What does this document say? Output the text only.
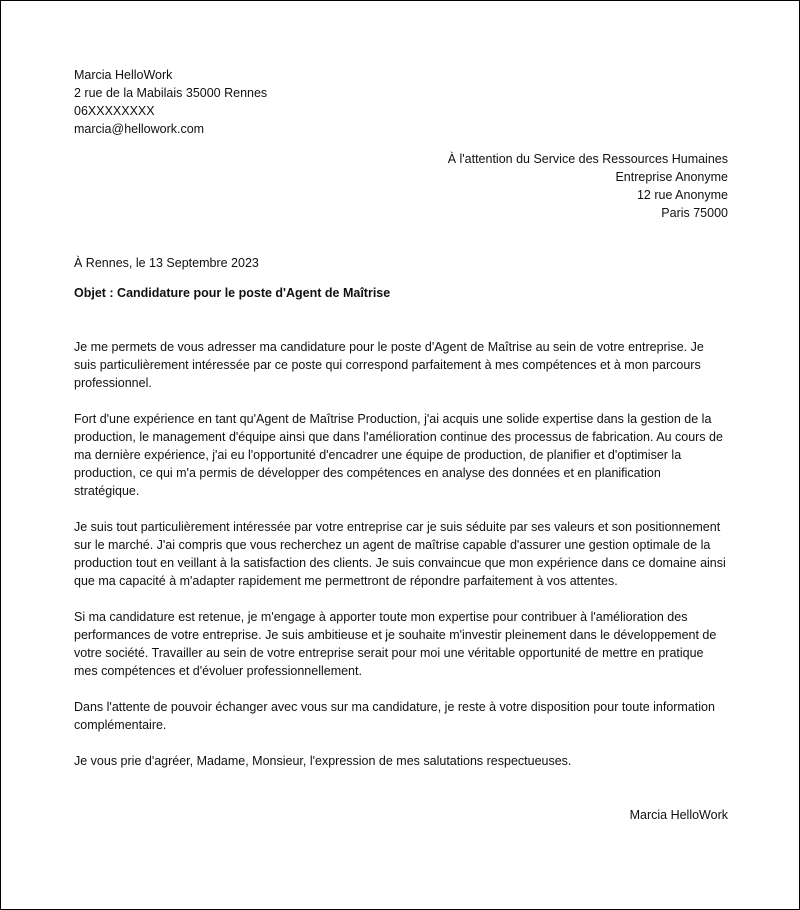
Marcia HelloWork
2 rue de la Mabilais 35000 Rennes
06XXXXXXXX
marcia@hellowork.com
À l'attention du Service des Ressources Humaines
Entreprise Anonyme
12 rue Anonyme
Paris 75000
À Rennes, le 13 Septembre 2023
Objet : Candidature pour le poste d'Agent de Maîtrise

Je me permets de vous adresser ma candidature pour le poste d'Agent de Maîtrise au sein de votre entreprise. Je suis particulièrement intéressée par ce poste qui correspond parfaitement à mes compétences et à mon parcours professionnel.

Fort d'une expérience en tant qu'Agent de Maîtrise Production, j'ai acquis une solide expertise dans la gestion de la production, le management d'équipe ainsi que dans l'amélioration continue des processus de fabrication. Au cours de ma dernière expérience, j'ai eu l'opportunité d'encadrer une équipe de production, de planifier et d'optimiser la production, ce qui m'a permis de développer des compétences en analyse des données et en planification stratégique.

Je suis tout particulièrement intéressée par votre entreprise car je suis séduite par ses valeurs et son positionnement sur le marché. J'ai compris que vous recherchez un agent de maîtrise capable d'assurer une gestion optimale de la production tout en veillant à la satisfaction des clients. Je suis convaincue que mon expérience dans ce domaine ainsi que ma capacité à m'adapter rapidement me permettront de répondre parfaitement à vos attentes.

Si ma candidature est retenue, je m'engage à apporter toute mon expertise pour contribuer à l'amélioration des performances de votre entreprise. Je suis ambitieuse et je souhaite m'investir pleinement dans le développement de votre société. Travailler au sein de votre entreprise serait pour moi une véritable opportunité de mettre en pratique mes compétences et d'évoluer professionnellement.

Dans l'attente de pouvoir échanger avec vous sur ma candidature, je reste à votre disposition pour toute information complémentaire.

Je vous prie d'agréer, Madame, Monsieur, l'expression de mes salutations respectueuses.

Marcia HelloWork
